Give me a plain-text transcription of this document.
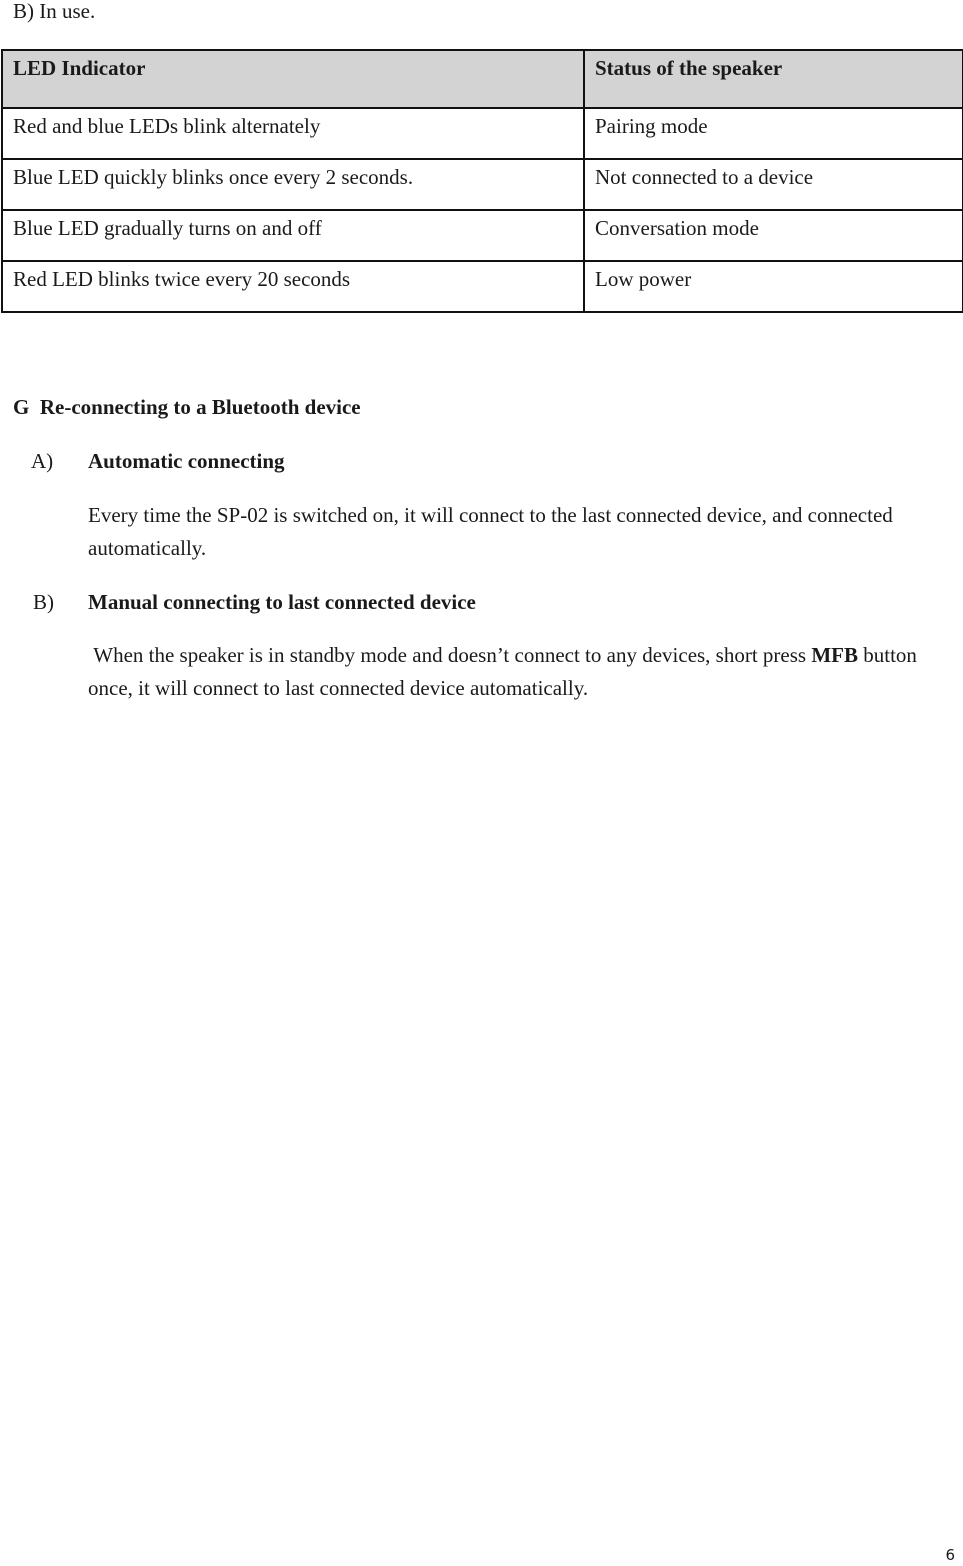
B) In use.
LED Indicator	Status of the speaker
Red and blue LEDs blink alternately	Pairing mode
Blue LED quickly blinks once every 2 seconds.	Not connected to a device
Blue LED gradually turns on and off	Conversation mode
Red LED blinks twice every 20 seconds	Low power
G  Re-connecting to a Bluetooth device
A) Automatic connecting
Every time the SP-02 is switched on, it will connect to the last connected device, and connected  automatically.
B) Manual connecting to last connected device
When the speaker is in standby mode and doesn’t connect to any devices, short press MFB button once, it will connect to last connected device automatically.
6
